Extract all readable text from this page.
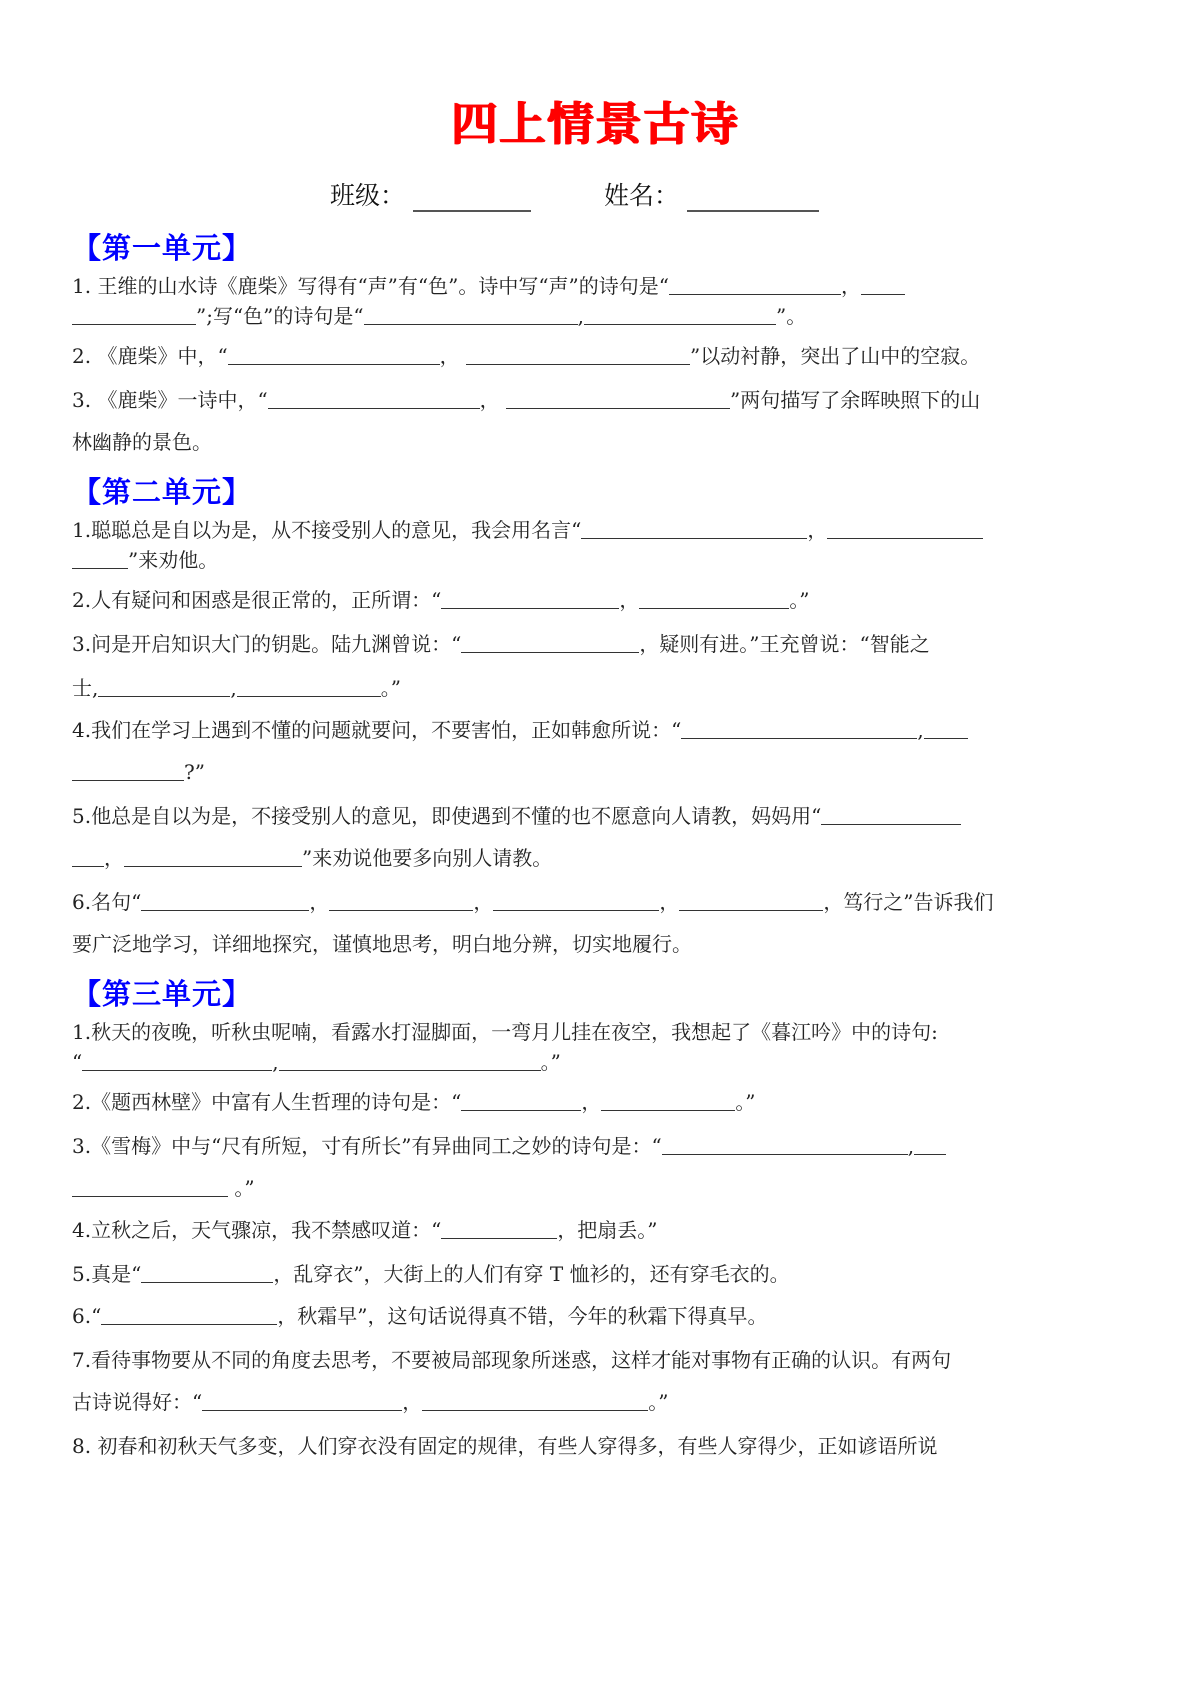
四上情景古诗
班级：	姓名：
【第一单元】
1. 王维的山水诗《鹿柴》写得有“声”有“色”。诗中写“声”的诗句是“	，
”;写“色”的诗句是“	,	”。
2. 《鹿柴》中，“	，	”以动衬静，突出了山中的空寂。
3. 《鹿柴》一诗中，“	，	”两句描写了余晖映照下的山
林幽静的景色。
【第二单元】
1.聪聪总是自以为是，从不接受别人的意见，我会用名言“	，
”来劝他。
2.人有疑问和困惑是很正常的，正所谓：“	，	。”
3.问是开启知识大门的钥匙。陆九渊曾说：“	，疑则有进。”王充曾说：“智能之
士,	,	。”
4.我们在学习上遇到不懂的问题就要问，不要害怕，正如韩愈所说：“	,
?”
5.他总是自以为是，不接受别人的意见，即使遇到不懂的也不愿意向人请教，妈妈用“
，	”来劝说他要多向别人请教。
6.名句“	，	，	，	，笃行之”告诉我们
要广泛地学习，详细地探究，谨慎地思考，明白地分辨，切实地履行。
【第三单元】
1.秋天的夜晚，听秋虫呢喃，看露水打湿脚面，一弯月儿挂在夜空，我想起了《暮江吟》中的诗句:
“	,	。”
2.《题西林壁》中富有人生哲理的诗句是：“	，	。”
3.《雪梅》中与“尺有所短，寸有所长”有异曲同工之妙的诗句是：“	,
。”
4.立秋之后，天气骤凉，我不禁感叹道：“	，把扇丢。”
5.真是“	，乱穿衣”，大街上的人们有穿 T 恤衫的，还有穿毛衣的。
6.“	，秋霜早”，这句话说得真不错，今年的秋霜下得真早。
7.看待事物要从不同的角度去思考，不要被局部现象所迷惑，这样才能对事物有正确的认识。有两句
古诗说得好：“	，	。”
8. 初春和初秋天气多变，人们穿衣没有固定的规律，有些人穿得多，有些人穿得少，正如谚语所说
